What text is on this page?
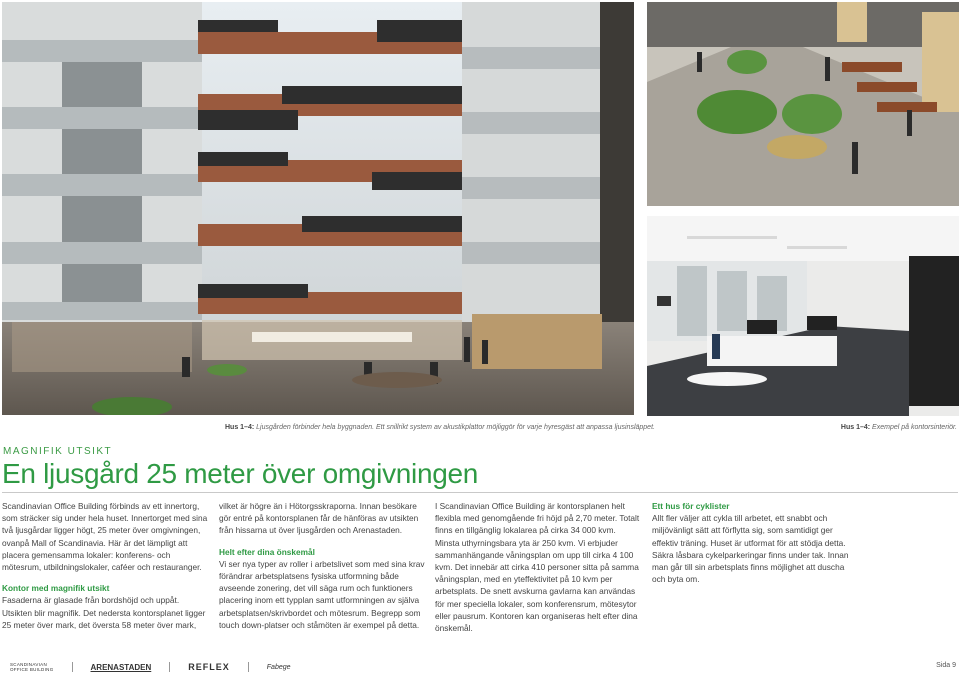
Hus 1–4: Ljusgården förbinder hela byggnaden. Ett snillrikt system av akustikplattor möjliggör för varje hyresgäst att anpassa ljusinsläppet.	Hus 1–4: Exempel på kontorsinteriör.
MAGNIFIK UTSIKT
En ljusgård 25 meter över omgivningen

Scandinavian Office Building förbinds av ett innertorg, som sträcker sig under hela huset. Innertorget med sina två ljusgårdar ligger högt, 25 meter över omgivningen, ovanpå Mall of Scandinavia. Här är det lämpligt att placera gemensamma lokaler: konferens- och mötesrum, utbildningslokaler, caféer och restauranger.

Kontor med magnifik utsikt

Fasaderna är glasade från bordshöjd och uppåt. Utsikten blir magnifik. Det nedersta kontorsplanet ligger 25 meter över mark, det översta 58 meter över mark,

vilket är högre än i Hötorgsskraporna. Innan besökare gör entré på kontorsplanen får de hänföras av utsikten från hissarna ut över ljusgården och Arenastaden.

Helt efter dina önskemål

Vi ser nya typer av roller i arbetslivet som med sina krav förändrar arbetsplatsens fysiska utformning både avseende zonering, det vill säga rum och funktioners placering inom ett typplan samt utformningen av själva arbetsplatsen/skrivbordet och mötesrum. Begrepp som touch down-platser och ståmöten är exempel på detta.

I Scandinavian Office Building är kontorsplanen helt flexibla med genomgående fri höjd på 2,70 meter. Totalt finns en tillgänglig lokalarea på cirka 34 000 kvm. Minsta uthyrningsbara yta är 250 kvm. Vi erbjuder sammanhängande våningsplan om upp till cirka 4 100 kvm. Det innebär att cirka 410 personer sitta på samma våningsplan, med en yteffektivitet på 10 kvm per arbetsplats. De snett avskurna gavlarna kan användas för mer speciella lokaler, som konferensrum, mötesytor eller pausrum. Kontoren kan organiseras helt efter dina önskemål.

Ett hus för cyklister

Allt fler väljer att cykla till arbetet, ett snabbt och miljövänligt sätt att förflytta sig, som samtidigt ger effektiv träning. Huset är utformat för att stödja detta. Säkra låsbara cykelparkeringar finns under tak. Innan man går till sin arbetsplats finns möjlighet att duscha och byta om.

SCANDINAVIAN
OFFICE BUILDING	ARENASTADEN	REFLEX	Fabege	Sida 9
